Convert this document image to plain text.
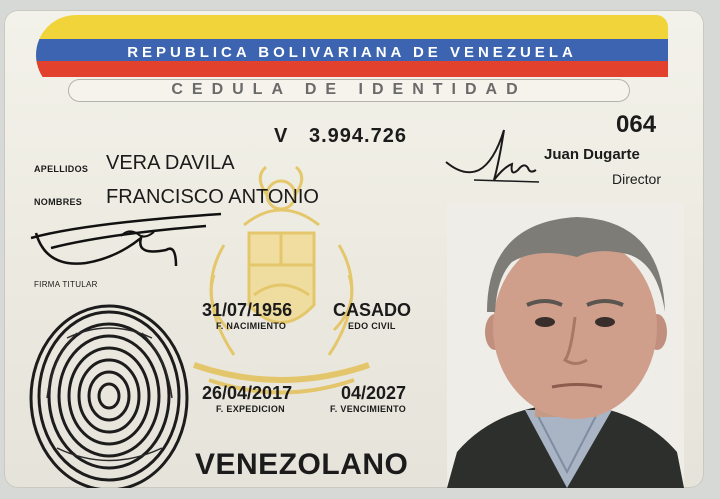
REPUBLICA BOLIVARIANA DE VENEZUELA
CEDULA DE IDENTIDAD
V 3.994.726	064
Juan Dugarte
Director
APELLIDOS VERA DAVILA
NOMBRES FRANCISCO ANTONIO
FIRMA TITULAR
31/07/1956
F. NACIMIENTO
CASADO
EDO CIVIL
26/04/2017
F. EXPEDICION
04/2027
F. VENCIMIENTO
VENEZOLANO
